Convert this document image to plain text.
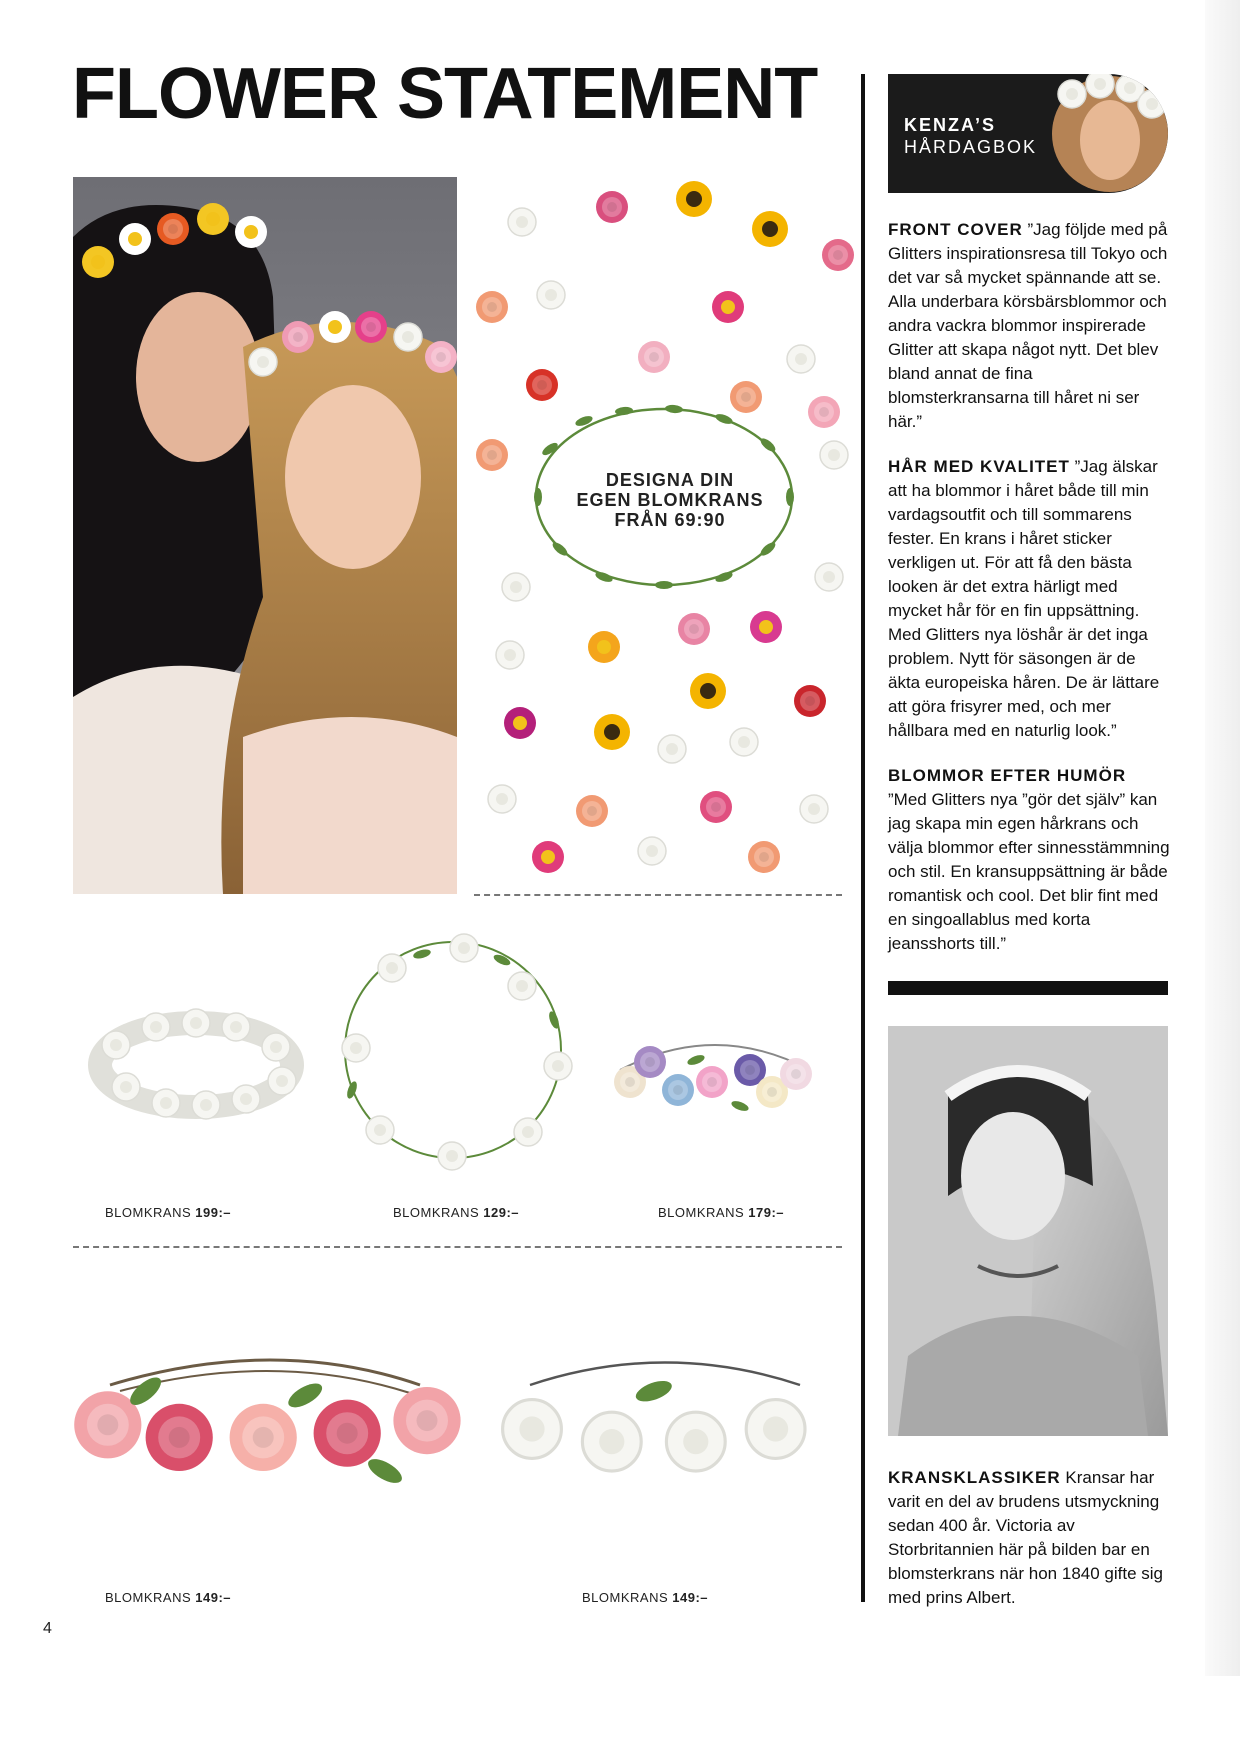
FLOWER STATEMENT
DESIGNA DIN
EGEN BLOMKRANS
FRÅN 69:90
BLOMKRANS 199:–	BLOMKRANS 129:–	BLOMKRANS 179:–
BLOMKRANS 149:–	BLOMKRANS 149:–
KENZA’S
HÅRDAGBOK
FRONT COVER ”Jag följde med på Glitters inspirationsresa till Tokyo och det var så mycket spännande att se. Alla underbara körsbärsblommor och andra vackra blommor inspirerade Glitter att skapa något nytt. Det blev bland annat de fina blomsterkransarna till håret ni ser här.”
HÅR MED KVALITET ”Jag älskar att ha blommor i håret både till min vardagsoutfit och till sommarens fester. En krans i håret sticker verkligen ut. För att få den bästa looken är det extra härligt med mycket hår för en fin uppsättning. Med Glitters nya löshår är det inga problem. Nytt för säsongen är de äkta europeiska håren. De är lättare att göra frisyrer med, och mer hållbara med en naturlig look.”
BLOMMOR EFTER HUMÖR
”Med Glitters nya ”gör det själv” kan jag skapa min egen hårkrans och välja blommor efter sinnesstämmning och stil. En kransuppsättning är både romantisk och cool. Det blir fint med en singoallablus med korta jeansshorts till.”
KRANSKLASSIKER Kransar har varit en del av brudens utsmyckning sedan 400 år. Victoria av Storbritannien här på bilden bar en blomsterkrans när hon 1840 gifte sig med prins Albert.
4
